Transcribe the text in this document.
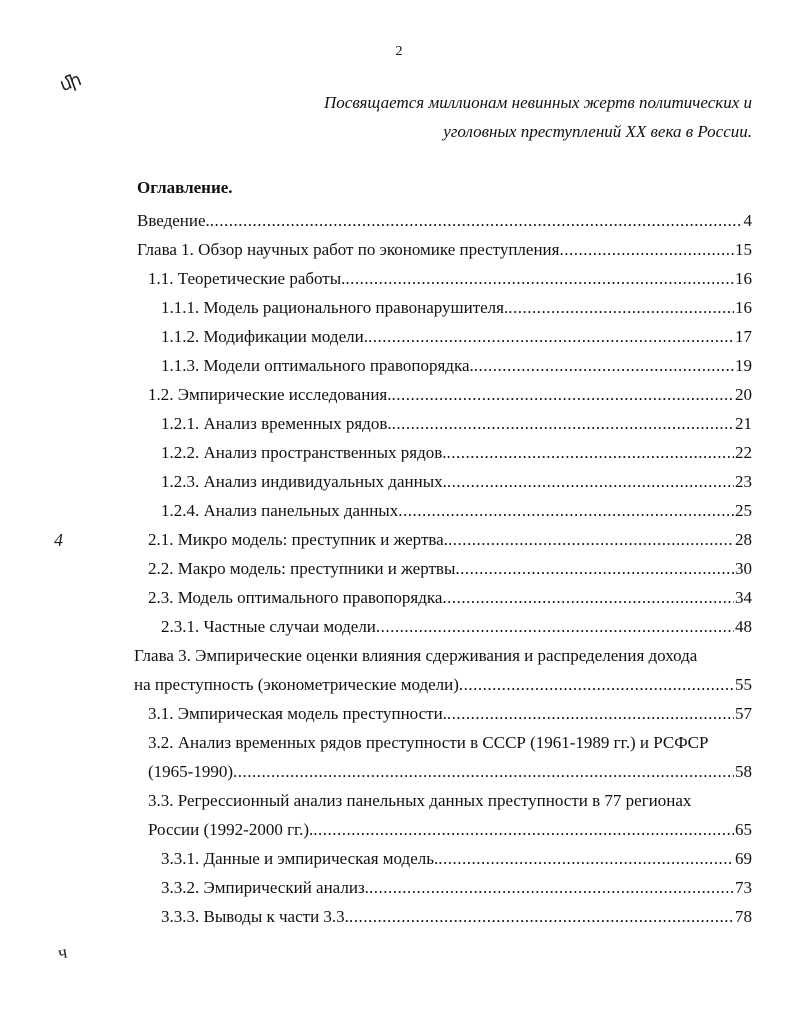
2
Посвящается миллионам невинных жертв политических и
уголовных преступлений XX века в России.
Оглавление.
Введение. .....	4
Глава 1. Обзор научных работ по экономике преступления .....	15
1.1. Теоретические работы. .....	16
1.1.1. Модель рационального правонарушителя. .....	16
1.1.2. Модификации модели. .....	17
1.1.3. Модели оптимального правопорядка. .....	19
1.2. Эмпирические исследования. .....	20
1.2.1. Анализ временных рядов. .....	21
1.2.2. Анализ пространственных рядов. .....	22
1.2.3. Анализ индивидуальных данных. .....	23
1.2.4. Анализ панельных данных .....	25
2.1. Микро модель: преступник и жертва. .....	28
2.2. Макро модель: преступники и жертвы .....	30
2.3. Модель оптимального правопорядка .....	34
2.3.1. Частные случаи модели .....	48
Глава 3. Эмпирические оценки влияния сдерживания и распределения дохода
на преступность (эконометрические модели) .....	55
3.1. Эмпирическая модель преступности. .....	57
3.2. Анализ временных рядов преступности в СССР (1961-1989 гг.) и РСФСР
(1965-1990) .....	58
3.3. Регрессионный анализ панельных данных преступности в 77 регионах
России (1992-2000 гг.). .....	65
3.3.1. Данные и эмпирическая модель. .....	69
3.3.2. Эмпирический анализ. .....	73
3.3.3. Выводы к части 3.3. .....	78
ﬕ
4
ч
